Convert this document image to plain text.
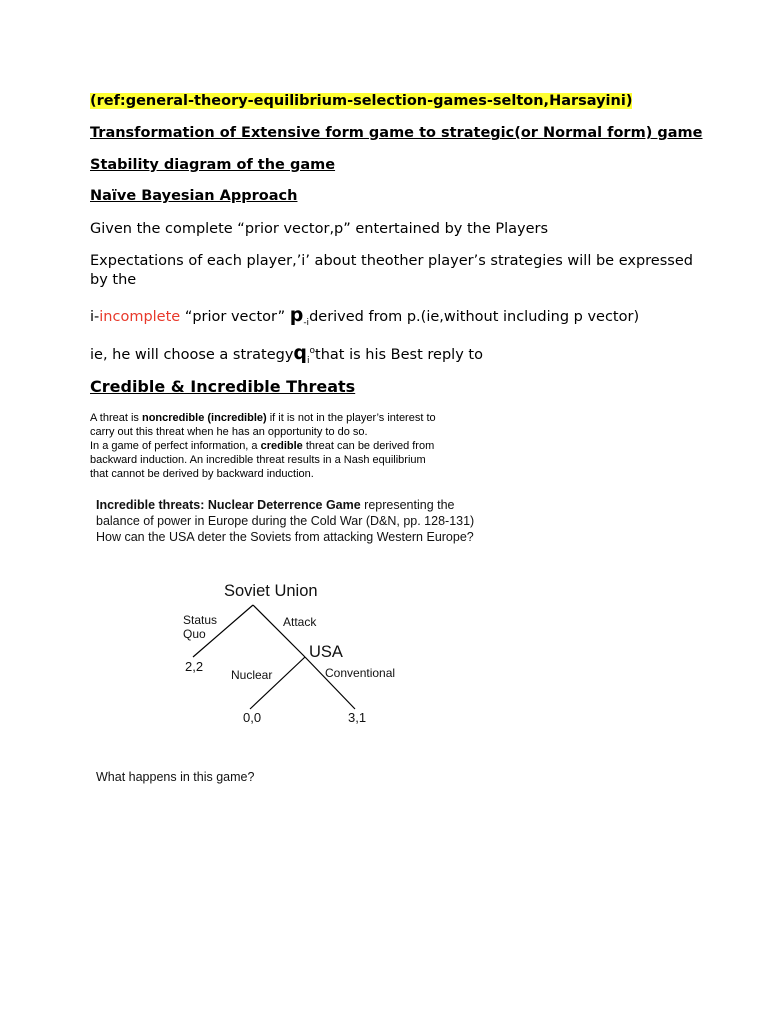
(ref:general-theory-equilibrium-selection-games-selton,Harsayini)
Transformation of Extensive form game to strategic(or Normal form) game
Stability diagram of the game
Naïve Bayesian Approach
Given the complete “prior vector,p” entertained by the Players
Expectations of each player,’i’ about theother player’s strategies will be expressed
by the
i-incomplete “prior vector” $p_{-i}derived$ from p.(ie,without including p vector)
ie, he will choose a strategyq$_i^o$that is his Best reply to
Credible & Incredible Threats
A threat is noncredible (incredible) if it is not in the player’s interest to
carry out this threat when he has an opportunity to do so.
In a game of perfect information, a credible threat can be derived from
backward induction. An incredible threat results in a Nash equilibrium
that cannot be derived by backward induction.
Incredible threats: Nuclear Deterrence Game representing the
balance of power in Europe during the Cold War (D&N, pp. 128-131)
How can the USA deter the Soviets from attacking Western Europe?
Soviet Union
Status
Quo
Attack
USA
2,2
Nuclear	Conventional
0,0	3,1
What happens in this game?
